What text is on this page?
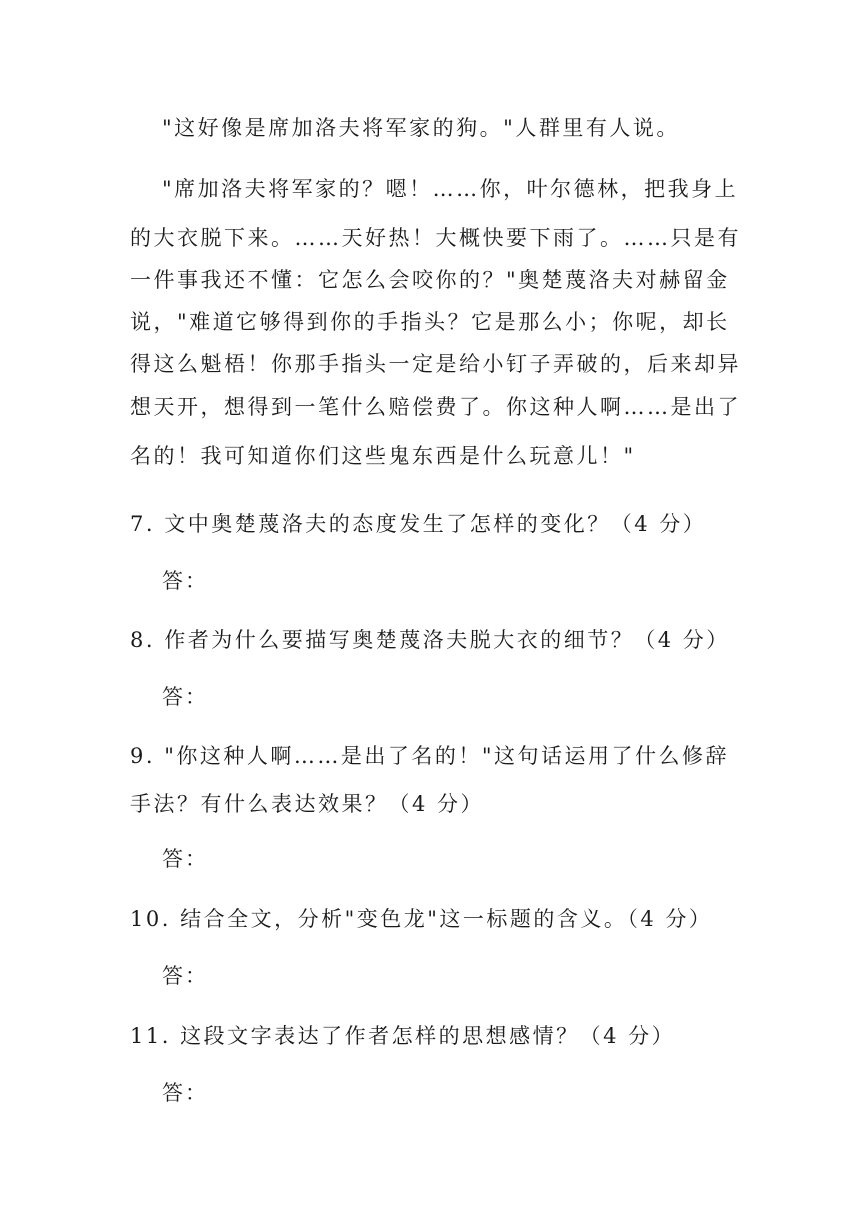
"这好像是席加洛夫将军家的狗。"人群里有人说。
"席加洛夫将军家的？嗯！……你，叶尔德林，把我身上
的大衣脱下来。……天好热！大概快要下雨了。……只是有
一件事我还不懂：它怎么会咬你的？"奥楚蔑洛夫对赫留金
说，"难道它够得到你的手指头？它是那么小；你呢，却长
得这么魁梧！你那手指头一定是给小钉子弄破的，后来却异
想天开，想得到一笔什么赔偿费了。你这种人啊……是出了
名的！我可知道你们这些鬼东西是什么玩意儿！"
7. 文中奥楚蔑洛夫的态度发生了怎样的变化？（4 分）
答：
8. 作者为什么要描写奥楚蔑洛夫脱大衣的细节？（4 分）
答：
9. "你这种人啊……是出了名的！"这句话运用了什么修辞
手法？有什么表达效果？（4 分）
答：
10. 结合全文，分析"变色龙"这一标题的含义。（4 分）
答：
11. 这段文字表达了作者怎样的思想感情？（4 分）
答：
